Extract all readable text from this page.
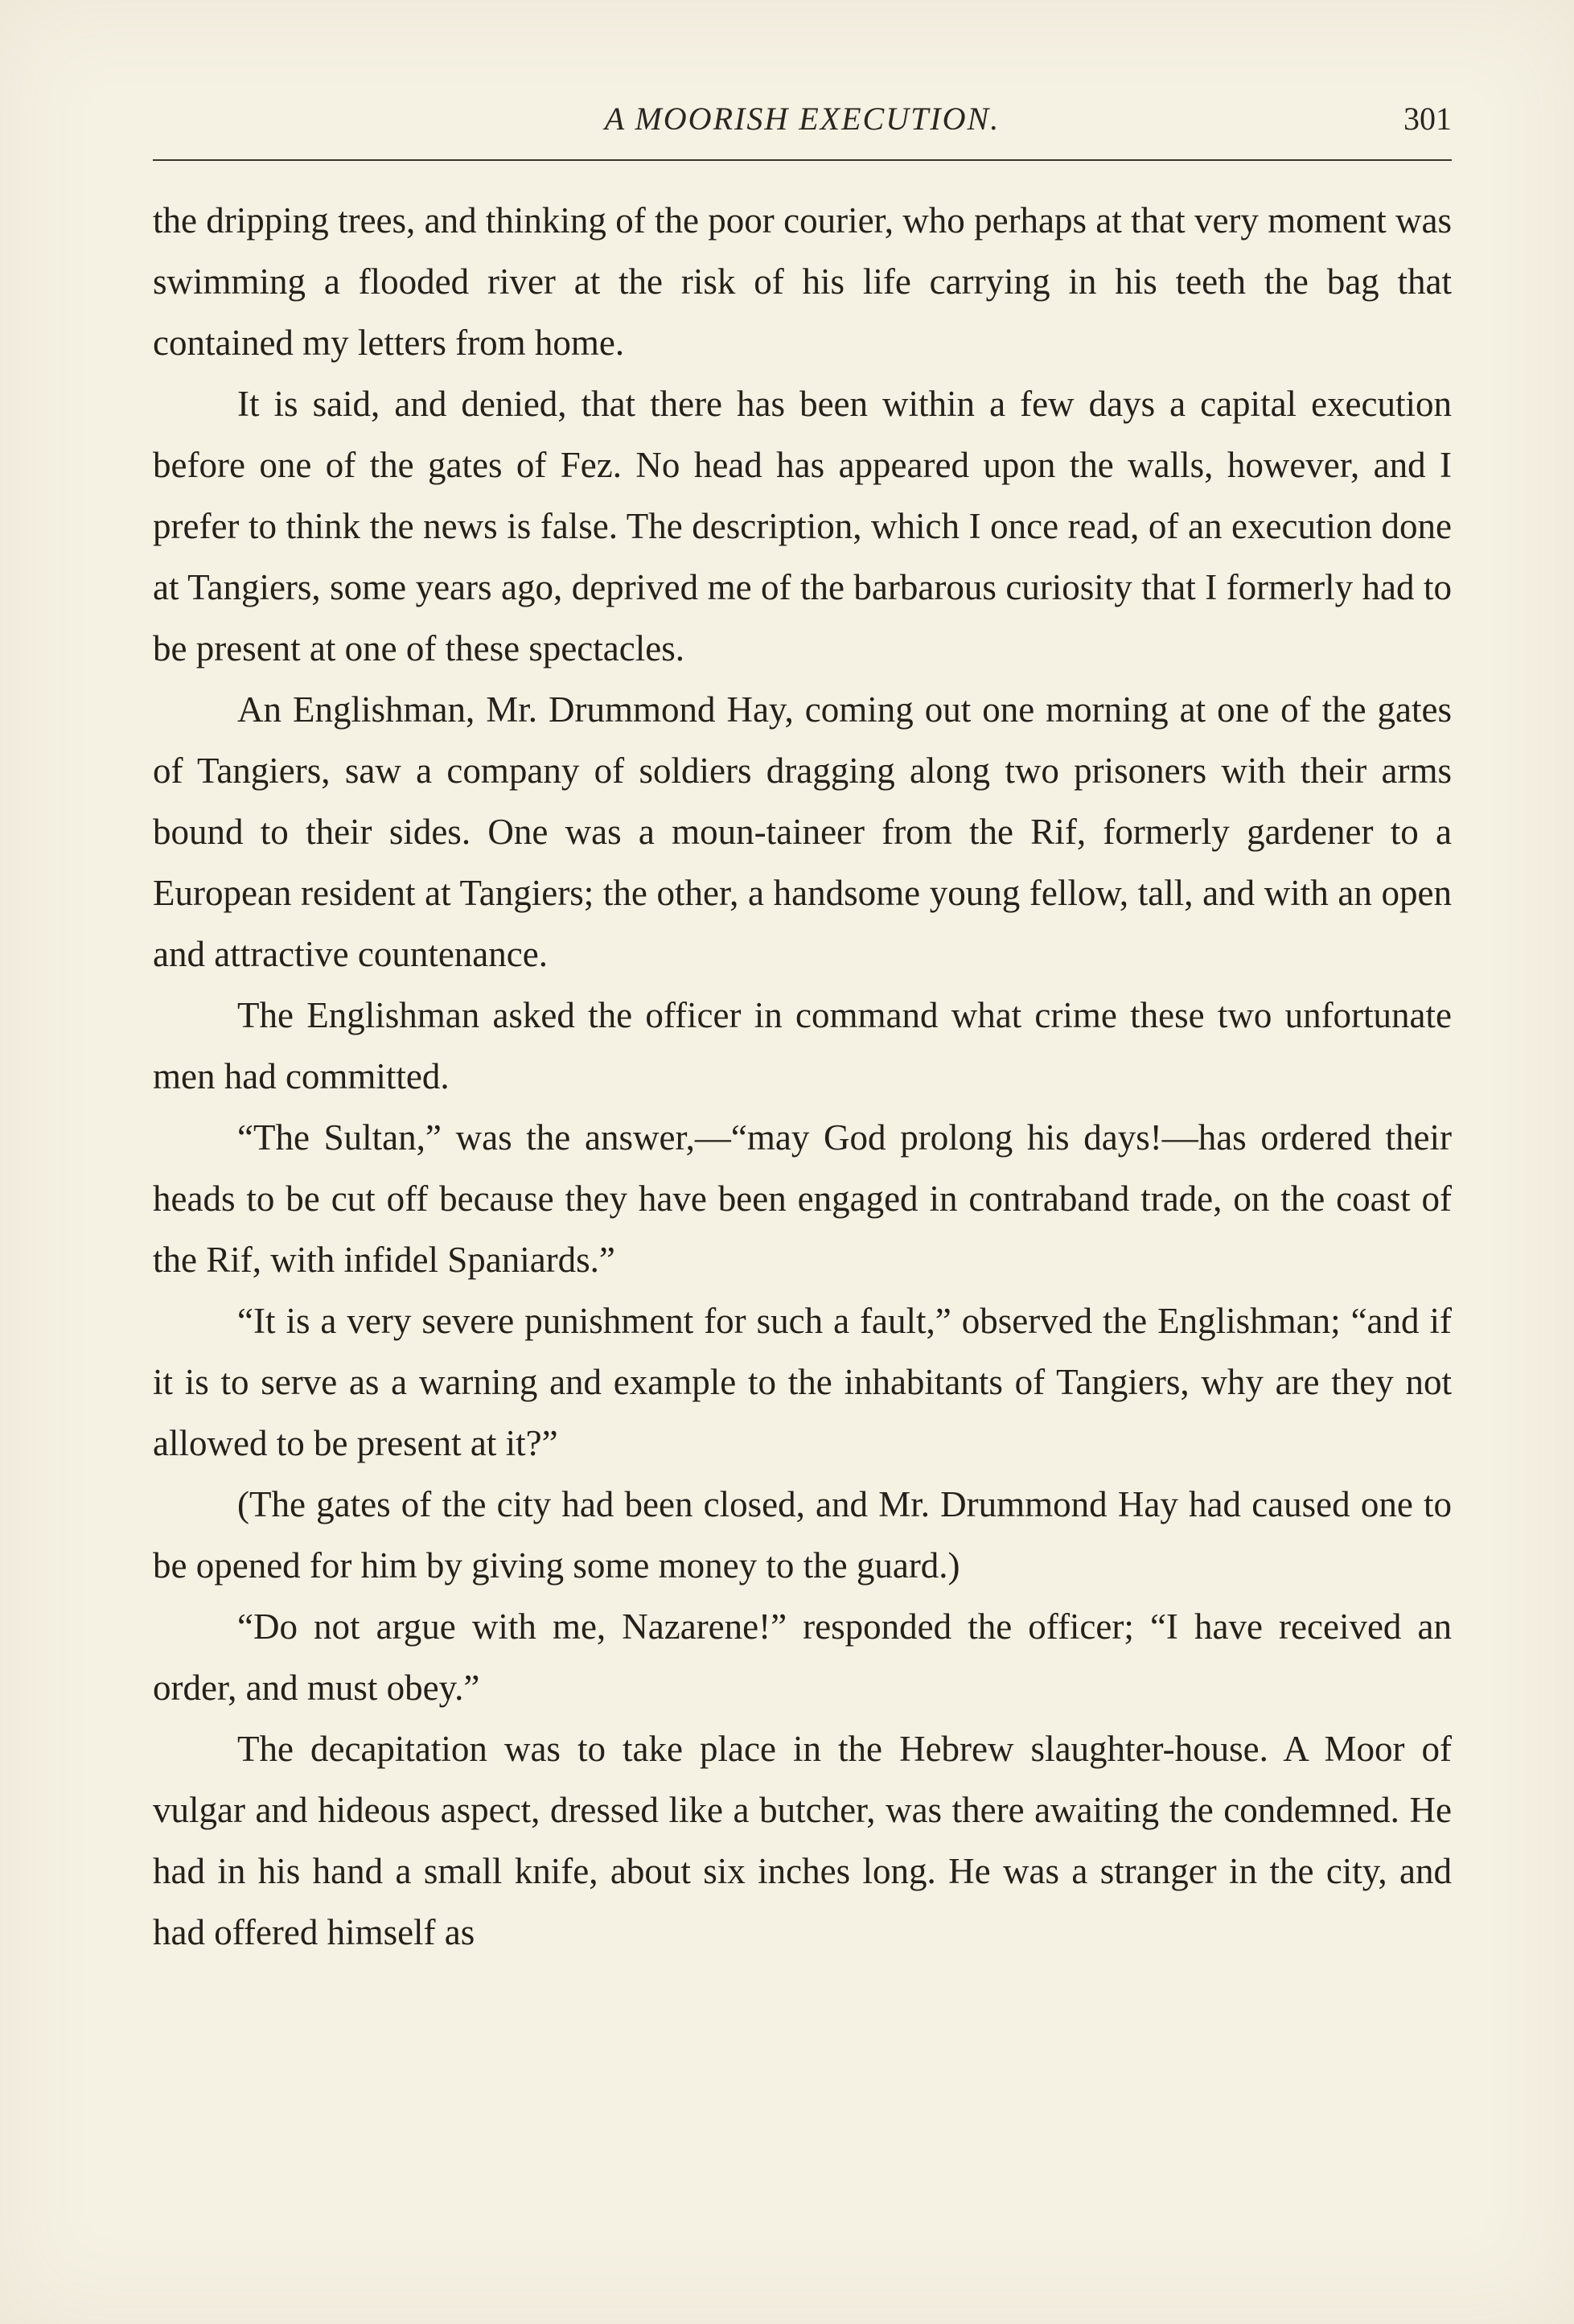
A MOORISH EXECUTION.	301

the dripping trees, and thinking of the poor courier, who perhaps at that very moment was swimming a flooded river at the risk of his life carrying in his teeth the bag that contained my letters from home.

It is said, and denied, that there has been within a few days a capital execution before one of the gates of Fez. No head has appeared upon the walls, however, and I prefer to think the news is false. The description, which I once read, of an execution done at Tangiers, some years ago, deprived me of the barbarous curiosity that I formerly had to be present at one of these spectacles.

An Englishman, Mr. Drummond Hay, coming out one morning at one of the gates of Tangiers, saw a company of soldiers dragging along two prisoners with their arms bound to their sides. One was a moun-taineer from the Rif, formerly gardener to a European resident at Tangiers; the other, a handsome young fellow, tall, and with an open and attractive countenance.

The Englishman asked the officer in command what crime these two unfortunate men had committed.

“The Sultan,” was the answer,—“may God prolong his days!—has ordered their heads to be cut off because they have been engaged in contraband trade, on the coast of the Rif, with infidel Spaniards.”

“It is a very severe punishment for such a fault,” observed the Englishman; “and if it is to serve as a warning and example to the inhabitants of Tangiers, why are they not allowed to be present at it?”

(The gates of the city had been closed, and Mr. Drummond Hay had caused one to be opened for him by giving some money to the guard.)

“Do not argue with me, Nazarene!” responded the officer; “I have received an order, and must obey.”

The decapitation was to take place in the Hebrew slaughter-house. A Moor of vulgar and hideous aspect, dressed like a butcher, was there awaiting the condemned. He had in his hand a small knife, about six inches long. He was a stranger in the city, and had offered himself as
